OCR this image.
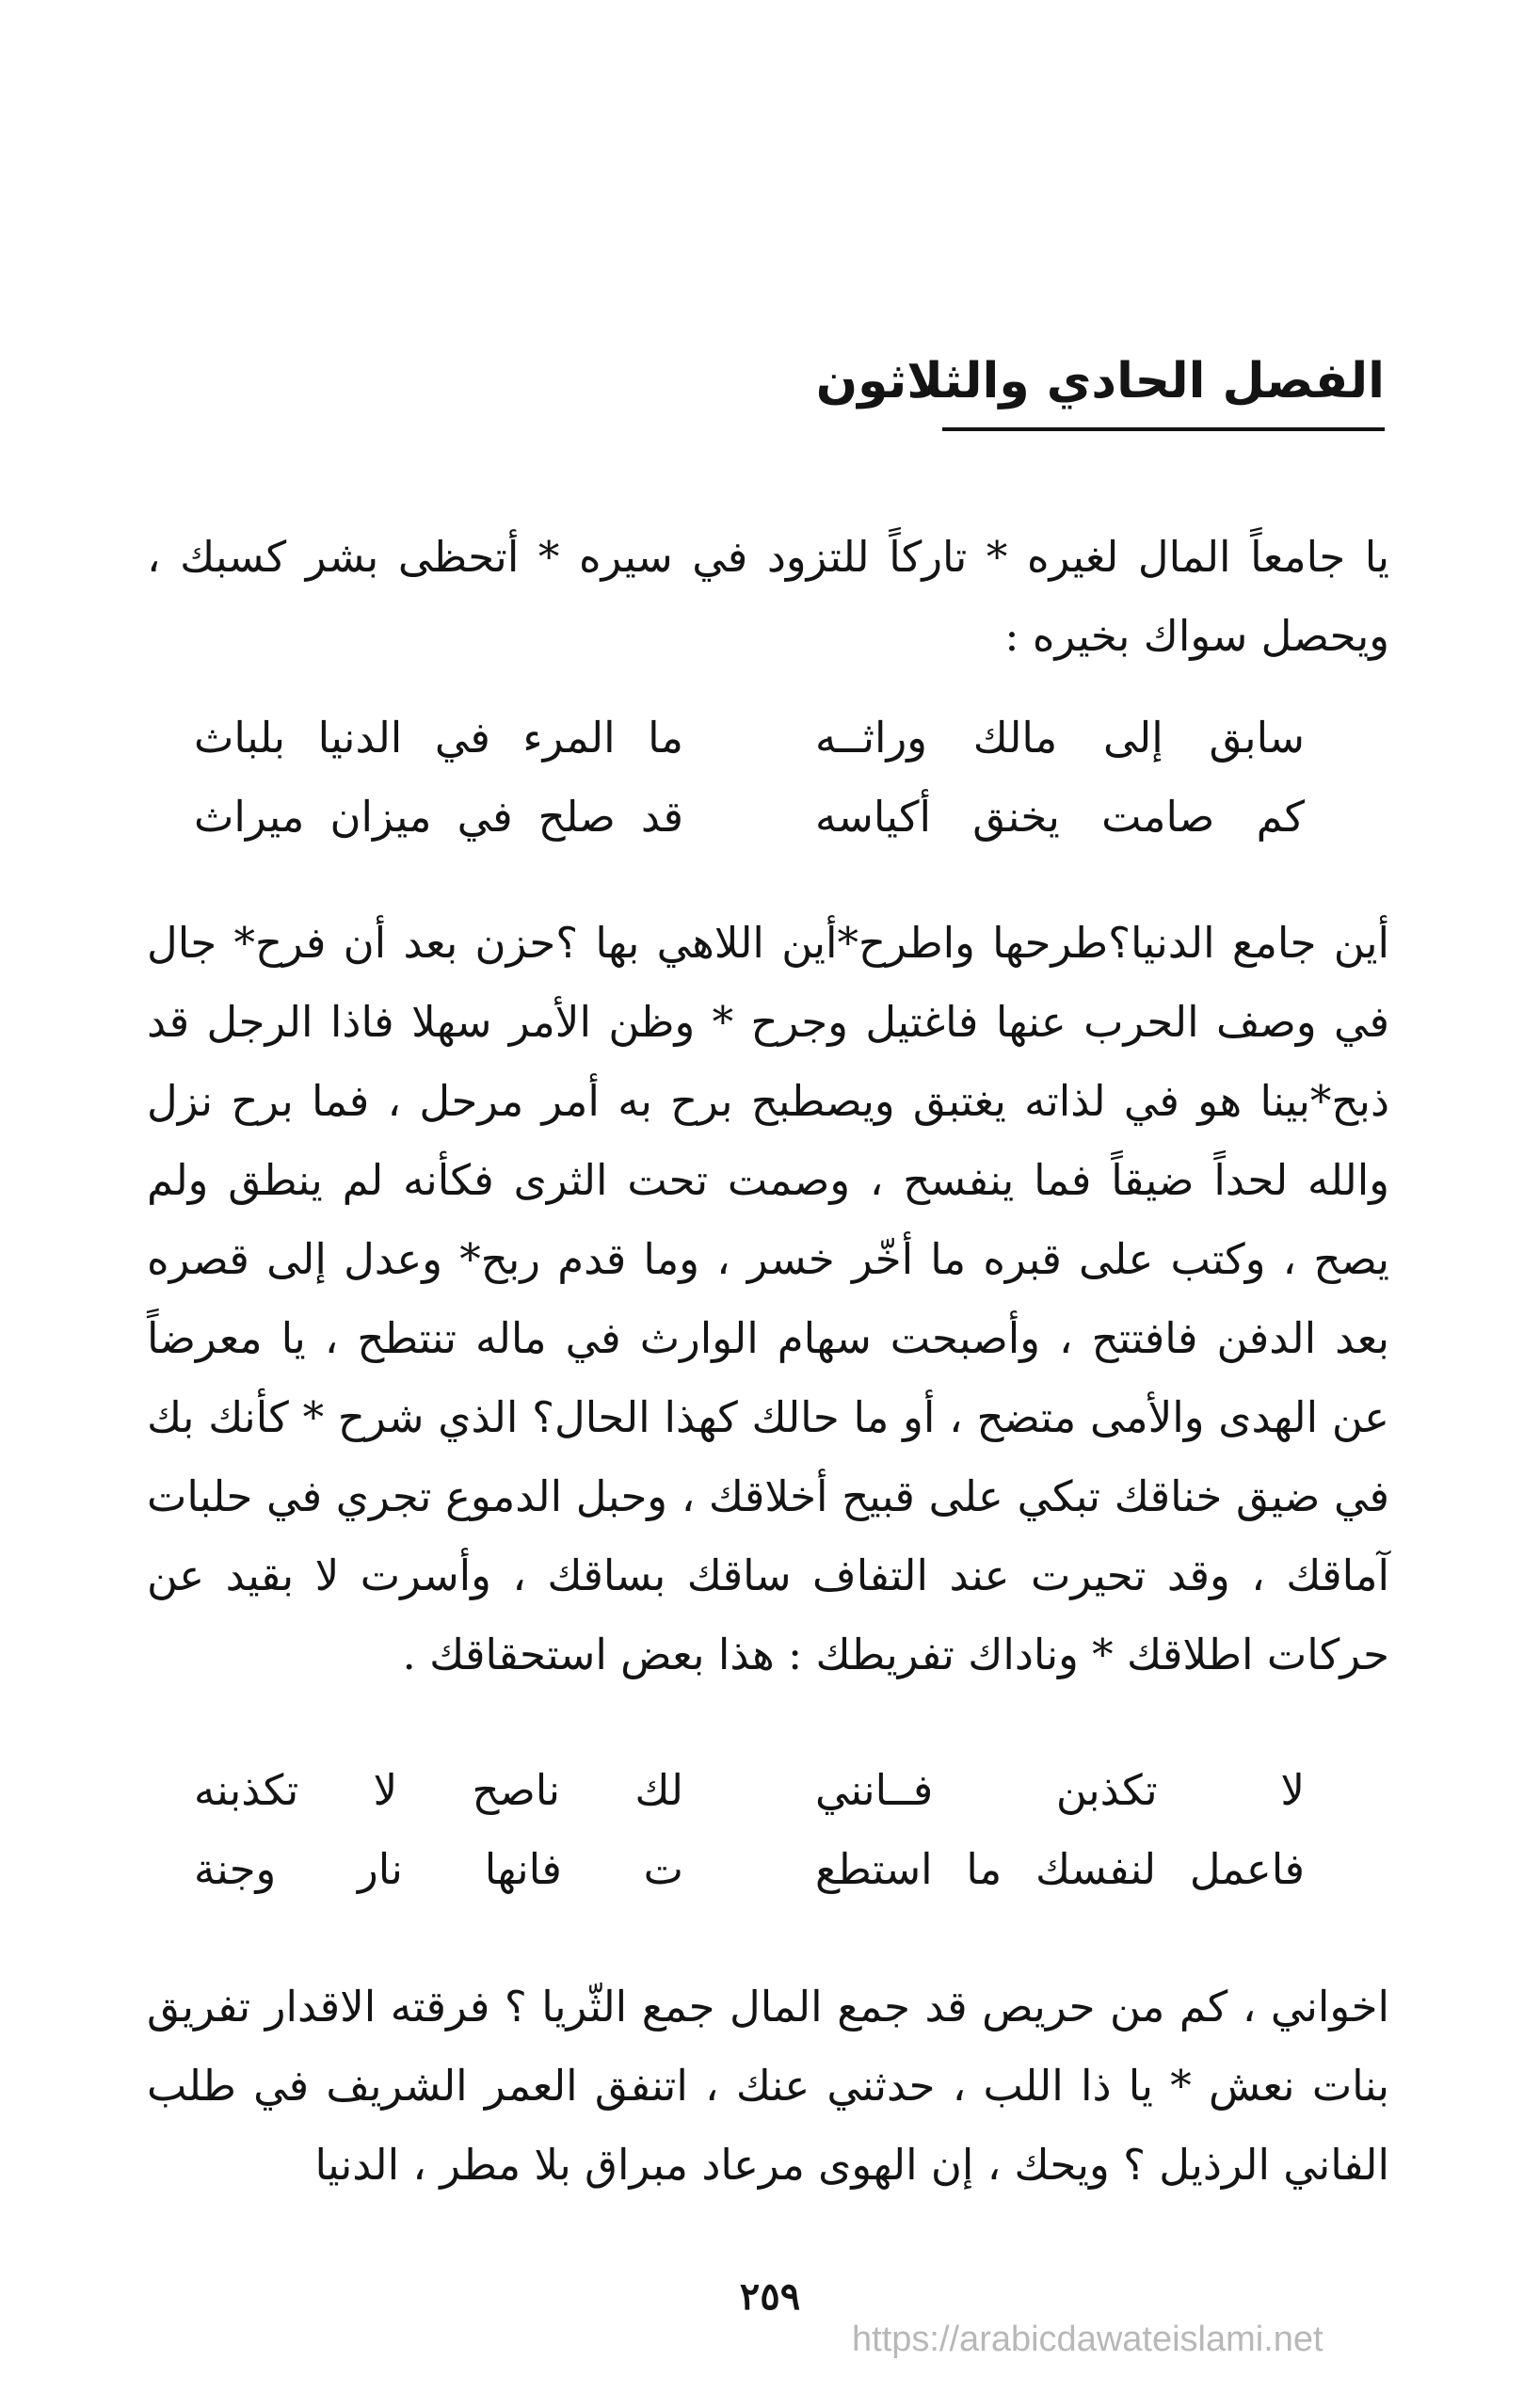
الفصل الحادي والثلاثون

يا جامعاً المال لغيره * تاركاً للتزود في سيره * أتحظى بشر كسبك ، ويحصل سواك بخيره :

سابق إلى مالك وراثــه
ما المرء في الدنيا بلباث
كم صامت يخنق أكياسه
قد صلح في ميزان ميراث

أين جامع الدنيا؟طرحها واطرح*أين اللاهي بها ؟حزن بعد أن فرح* جال في وصف الحرب عنها فاغتيل وجرح * وظن الأمر سهلا فاذا الرجل قد ذبح*بينا هو في لذاته يغتبق ويصطبح برح به أمر مرحل ، فما برح نزل والله لحداً ضيقاً فما ينفسح ، وصمت تحت الثرى فكأنه لم ينطق ولم يصح ، وكتب على قبره ما أخّر خسر ، وما قدم ربح* وعدل إلى قصره بعد الدفن فافتتح ، وأصبحت سهام الوارث في ماله تنتطح ، يا معرضاً عن الهدى والأمى متضح ، أو ما حالك كهذا الحال؟ الذي شرح * كأنك بك في ضيق خناقك تبكي على قبيح أخلاقك ، وحبل الدموع تجري في حلبات آماقك ، وقد تحيرت عند التفاف ساقك بساقك ، وأسرت لا بقيد عن حركات اطلاقك * وناداك تفريطك : هذا بعض استحقاقك .

لا تكذبن فــانني
لك ناصح لا تكذبنه
فاعمل لنفسك ما استطع
ت فانها نار وجنة

اخواني ، كم من حريص قد جمع المال جمع الثّريا ؟ فرقته الاقدار تفريق بنات نعش * يا ذا اللب ، حدثني عنك ، اتنفق العمر الشريف في طلب الفاني الرذيل ؟ ويحك ، إن الهوى مرعاد مبراق بلا مطر ، الدنيا

٢٥٩
https://arabicdawateislami.net
